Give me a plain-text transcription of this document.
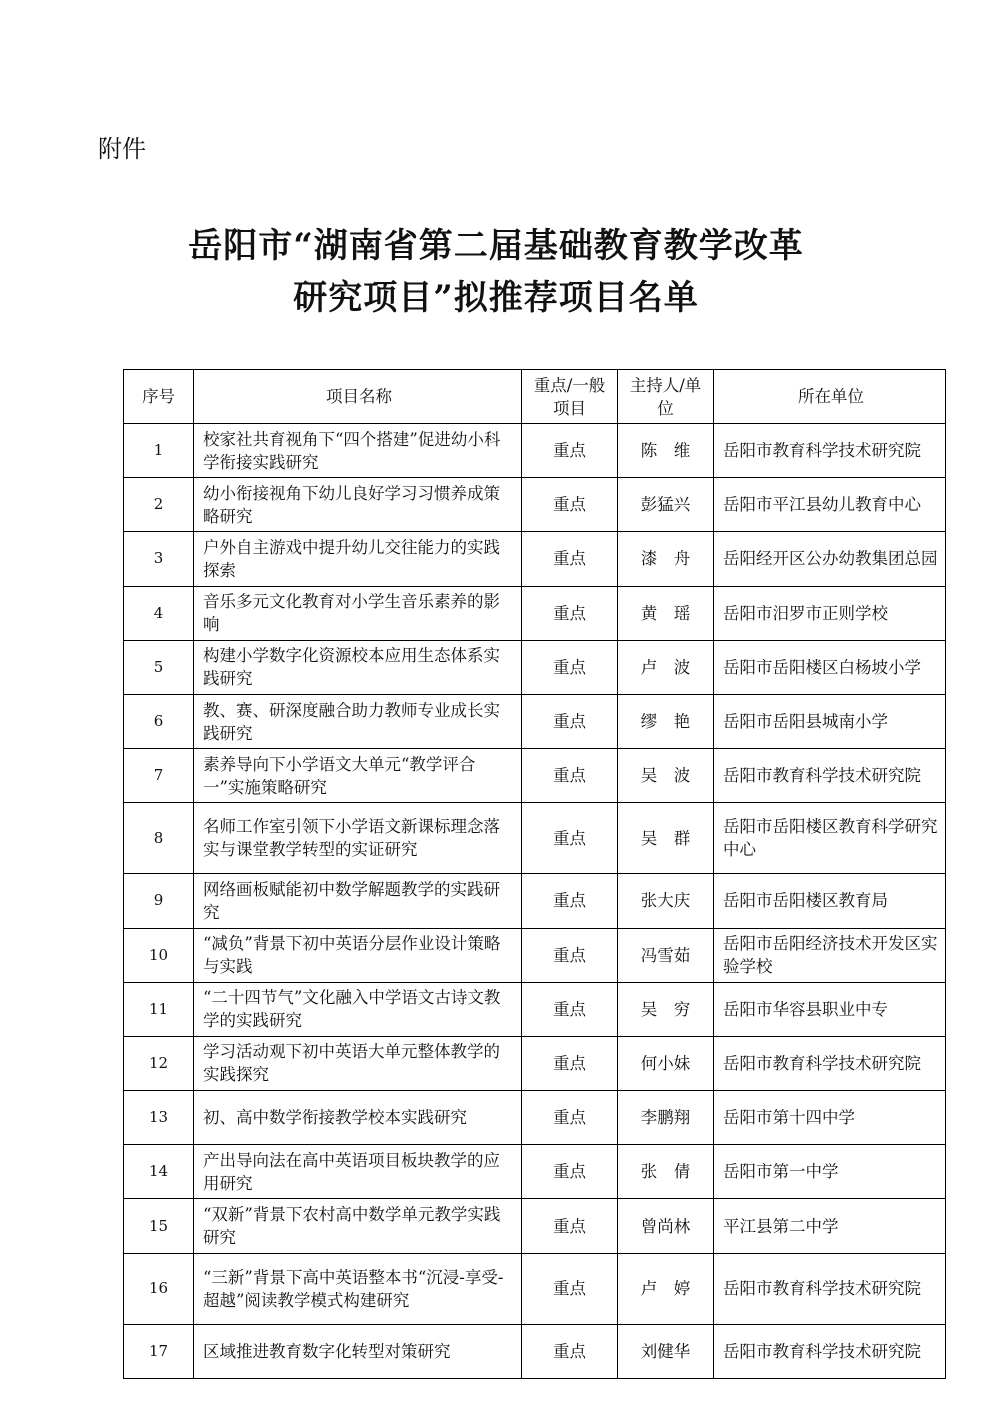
附件
岳阳市“湖南省第二届基础教育教学改革
研究项目”拟推荐项目名单
序号	项目名称	重点/一般项目	主持人/单位	所在单位
1	校家社共育视角下“四个搭建”促进幼小科学衔接实践研究	重点	陈　维	岳阳市教育科学技术研究院
2	幼小衔接视角下幼儿良好学习习惯养成策略研究	重点	彭猛兴	岳阳市平江县幼儿教育中心
3	户外自主游戏中提升幼儿交往能力的实践探索	重点	漆　舟	岳阳经开区公办幼教集团总园
4	音乐多元文化教育对小学生音乐素养的影响	重点	黄　瑶	岳阳市汨罗市正则学校
5	构建小学数字化资源校本应用生态体系实践研究	重点	卢　波	岳阳市岳阳楼区白杨坡小学
6	教、赛、研深度融合助力教师专业成长实践研究	重点	缪　艳	岳阳市岳阳县城南小学
7	素养导向下小学语文大单元“教学评合一”实施策略研究	重点	吴　波	岳阳市教育科学技术研究院
8	名师工作室引领下小学语文新课标理念落实与课堂教学转型的实证研究	重点	吴　群	岳阳市岳阳楼区教育科学研究中心
9	网络画板赋能初中数学解题教学的实践研究	重点	张大庆	岳阳市岳阳楼区教育局
10	“减负”背景下初中英语分层作业设计策略与实践	重点	冯雪茹	岳阳市岳阳经济技术开发区实验学校
11	“二十四节气”文化融入中学语文古诗文教学的实践研究	重点	吴　穷	岳阳市华容县职业中专
12	学习活动观下初中英语大单元整体教学的实践探究	重点	何小妹	岳阳市教育科学技术研究院
13	初、高中数学衔接教学校本实践研究	重点	李鹏翔	岳阳市第十四中学
14	产出导向法在高中英语项目板块教学的应用研究	重点	张　倩	岳阳市第一中学
15	“双新”背景下农村高中数学单元教学实践研究	重点	曾尚林	平江县第二中学
16	“三新”背景下高中英语整本书“沉浸-享受-超越”阅读教学模式构建研究	重点	卢　婷	岳阳市教育科学技术研究院
17	区域推进教育数字化转型对策研究	重点	刘健华	岳阳市教育科学技术研究院
